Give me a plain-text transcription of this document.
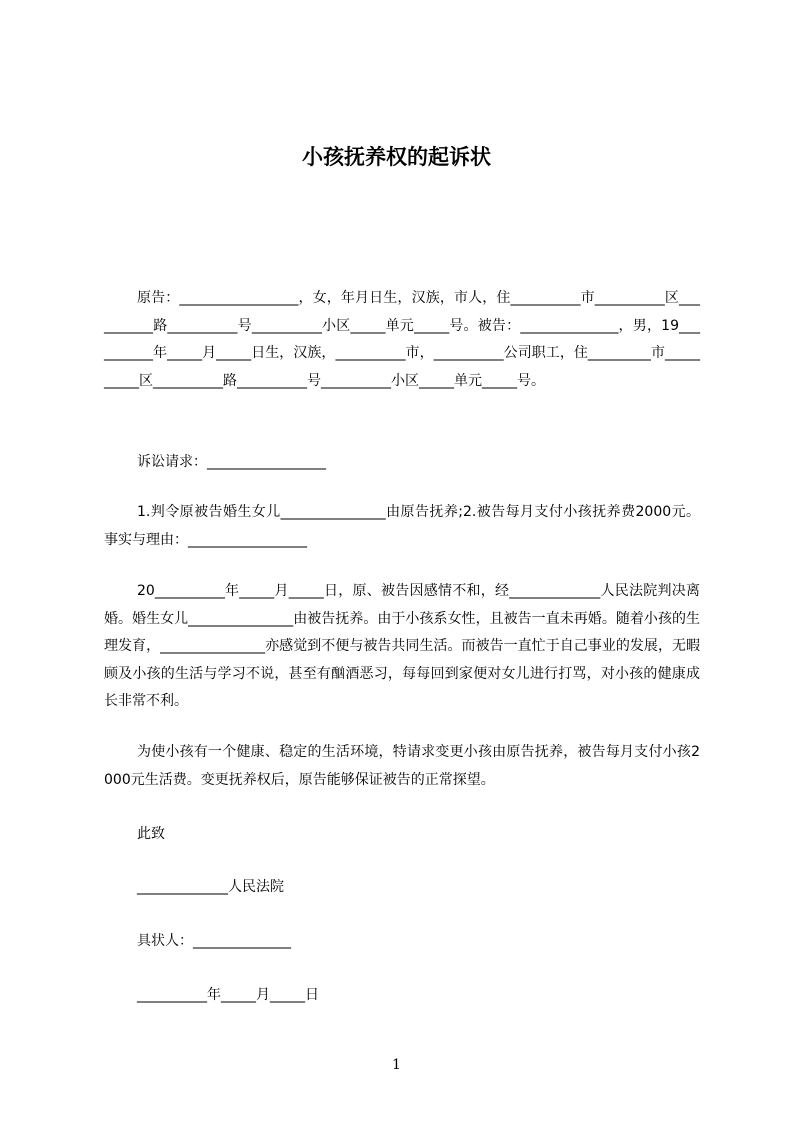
小孩抚养权的起诉状

原告：_________________，女，年月日生，汉族，市人，住__________市__________区__________路__________号__________小区_____单元_____号。被告：______________，男，19__________年_____月_____日生，汉族，__________市，__________公司职工，住_________市__________区__________路__________号__________小区_____单元_____号。

诉讼请求：_________________

1.判令原被告婚生女儿_______________由原告抚养;2.被告每月支付小孩抚养费2000元。事实与理由：_________________

20__________年_____月_____日，原、被告因感情不和，经_____________人民法院判决离婚。婚生女儿_______________由被告抚养。由于小孩系女性，且被告一直未再婚。随着小孩的生理发育，_______________亦感觉到不便与被告共同生活。而被告一直忙于自己事业的发展，无暇顾及小孩的生活与学习不说，甚至有酗酒恶习，每每回到家便对女儿进行打骂，对小孩的健康成长非常不利。

为使小孩有一个健康、稳定的生活环境，特请求变更小孩由原告抚养，被告每月支付小孩2000元生活费。变更抚养权后，原告能够保证被告的正常探望。

此致

_____________人民法院

具状人：______________

__________年_____月_____日

1
